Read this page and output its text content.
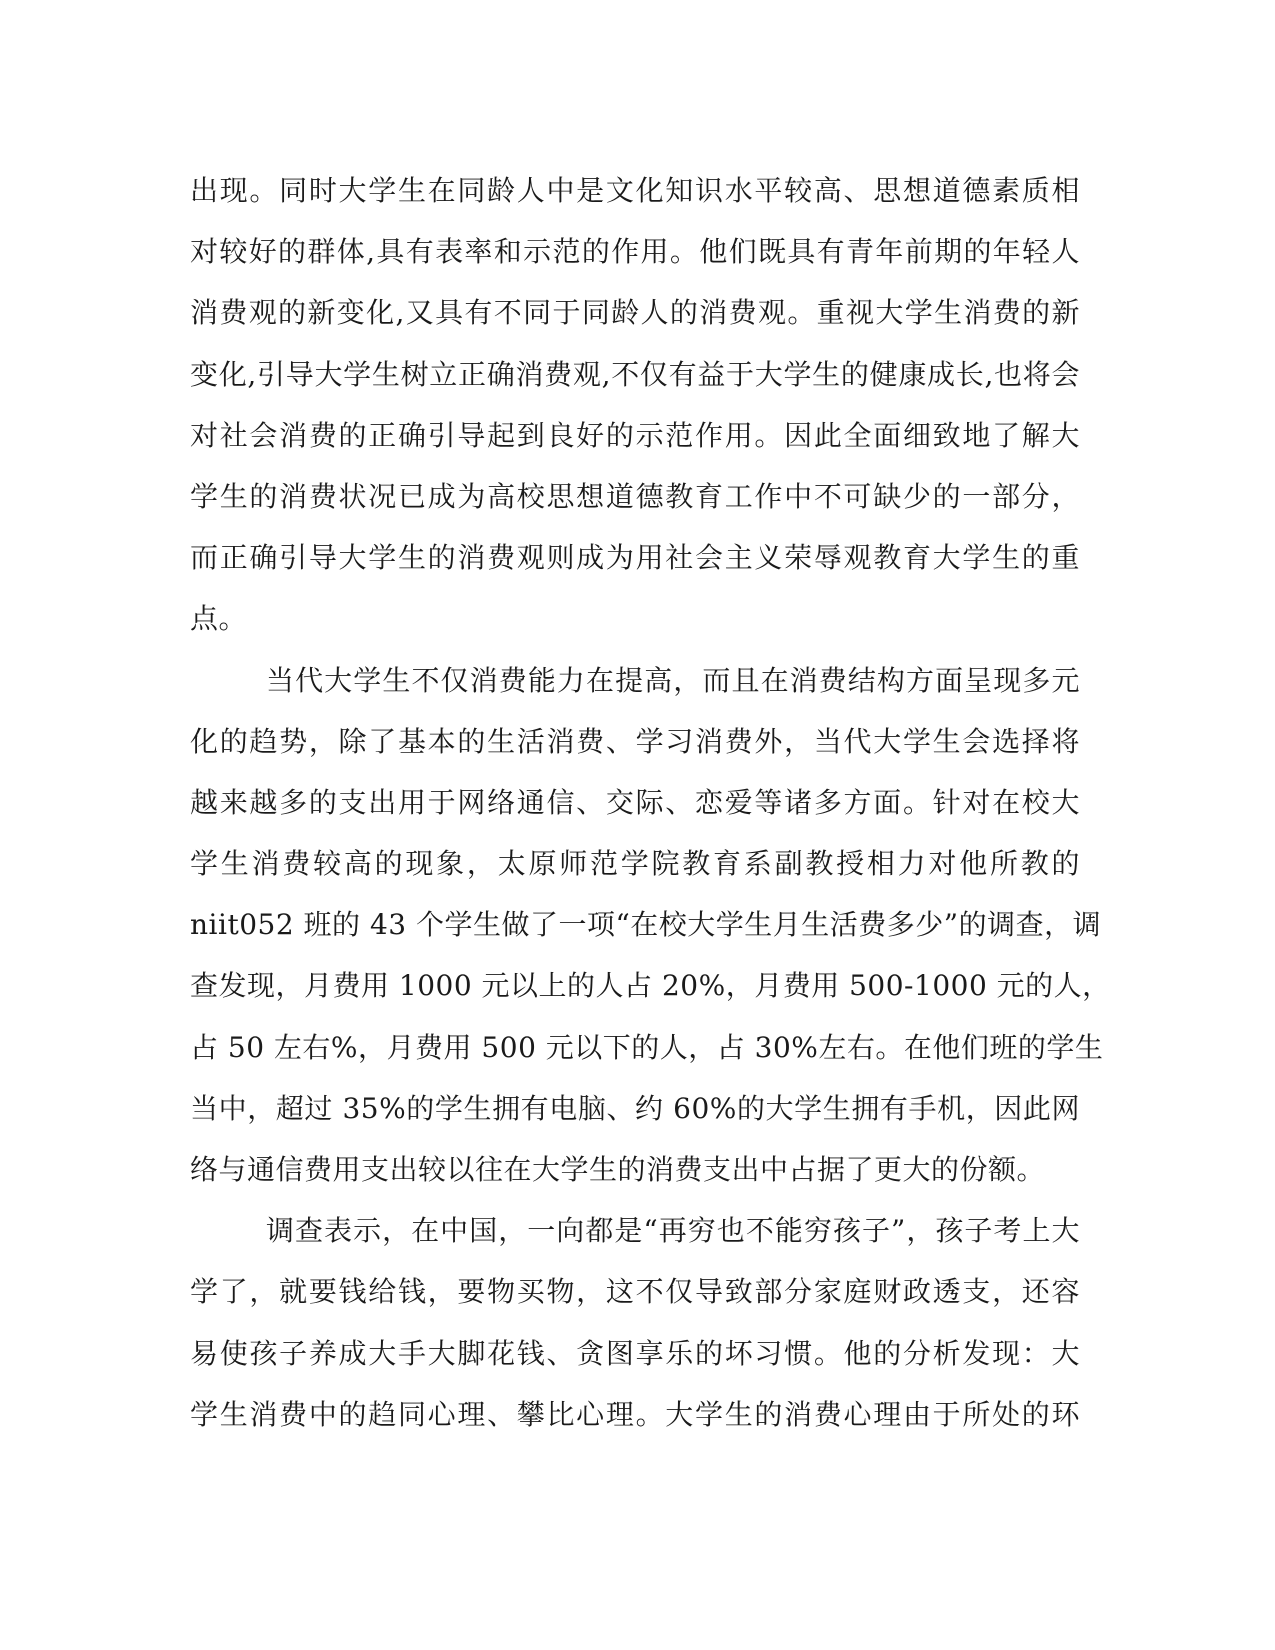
出现。同时大学生在同龄人中是文化知识水平较高、思想道德素质相
对较好的群体,具有表率和示范的作用。他们既具有青年前期的年轻人
消费观的新变化,又具有不同于同龄人的消费观。重视大学生消费的新
变化,引导大学生树立正确消费观,不仅有益于大学生的健康成长,也将会
对社会消费的正确引导起到良好的示范作用。因此全面细致地了解大
学生的消费状况已成为高校思想道德教育工作中不可缺少的一部分，
而正确引导大学生的消费观则成为用社会主义荣辱观教育大学生的重
点。
当代大学生不仅消费能力在提高，而且在消费结构方面呈现多元
化的趋势，除了基本的生活消费、学习消费外，当代大学生会选择将
越来越多的支出用于网络通信、交际、恋爱等诸多方面。针对在校大
学生消费较高的现象，太原师范学院教育系副教授相力对他所教的
niit052 班的 43 个学生做了一项“在校大学生月生活费多少”的调查，调
查发现，月费用 1000 元以上的人占 20%，月费用 500-1000 元的人，
占 50 左右%，月费用 500 元以下的人，占 30%左右。在他们班的学生
当中，超过 35%的学生拥有电脑、约 60%的大学生拥有手机，因此网
络与通信费用支出较以往在大学生的消费支出中占据了更大的份额。
调查表示，在中国，一向都是“再穷也不能穷孩子”，孩子考上大
学了，就要钱给钱，要物买物，这不仅导致部分家庭财政透支，还容
易使孩子养成大手大脚花钱、贪图享乐的坏习惯。他的分析发现：大
学生消费中的趋同心理、攀比心理。大学生的消费心理由于所处的环
